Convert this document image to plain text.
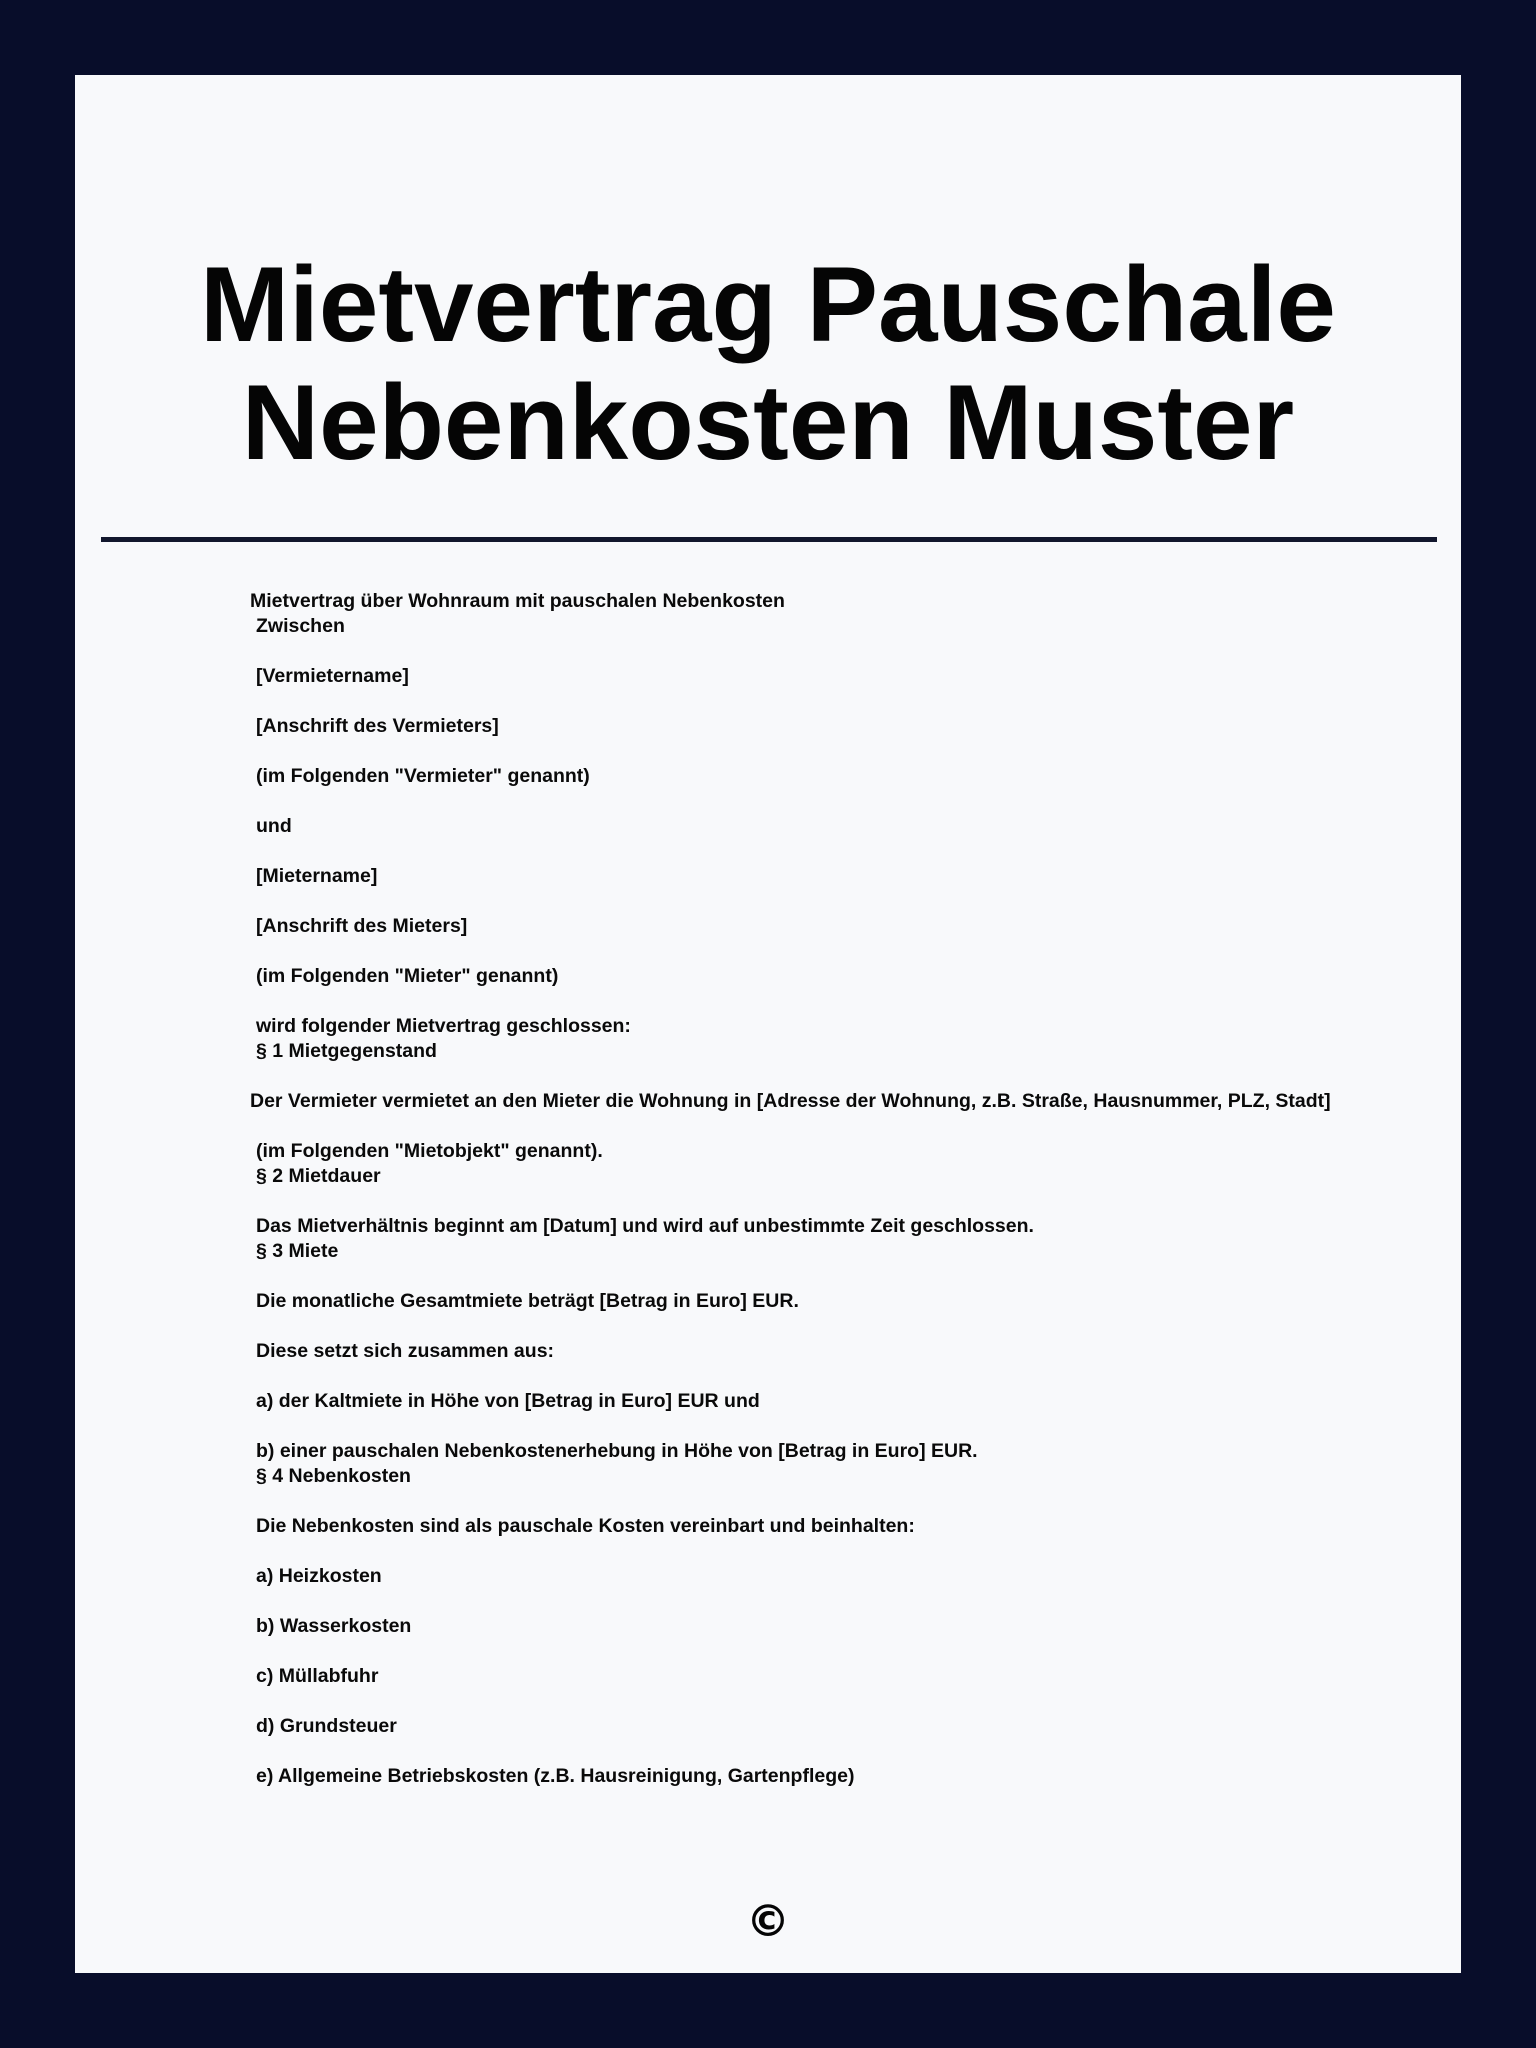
Mietvertrag Pauschale
Nebenkosten Muster
Mietvertrag über Wohnraum mit pauschalen Nebenkosten
Zwischen
[Vermietername]
[Anschrift des Vermieters]
(im Folgenden "Vermieter" genannt)
und
[Mietername]
[Anschrift des Mieters]
(im Folgenden "Mieter" genannt)
wird folgender Mietvertrag geschlossen:
§ 1 Mietgegenstand
Der Vermieter vermietet an den Mieter die Wohnung in [Adresse der Wohnung, z.B. Straße, Hausnummer, PLZ, Stadt]
(im Folgenden "Mietobjekt" genannt).
§ 2 Mietdauer
Das Mietverhältnis beginnt am [Datum] und wird auf unbestimmte Zeit geschlossen.
§ 3 Miete
Die monatliche Gesamtmiete beträgt [Betrag in Euro] EUR.
Diese setzt sich zusammen aus:
a) der Kaltmiete in Höhe von [Betrag in Euro] EUR und
b) einer pauschalen Nebenkostenerhebung in Höhe von [Betrag in Euro] EUR.
§ 4 Nebenkosten
Die Nebenkosten sind als pauschale Kosten vereinbart und beinhalten:
a) Heizkosten
b) Wasserkosten
c) Müllabfuhr
d) Grundsteuer
e) Allgemeine Betriebskosten (z.B. Hausreinigung, Gartenpflege)
©
